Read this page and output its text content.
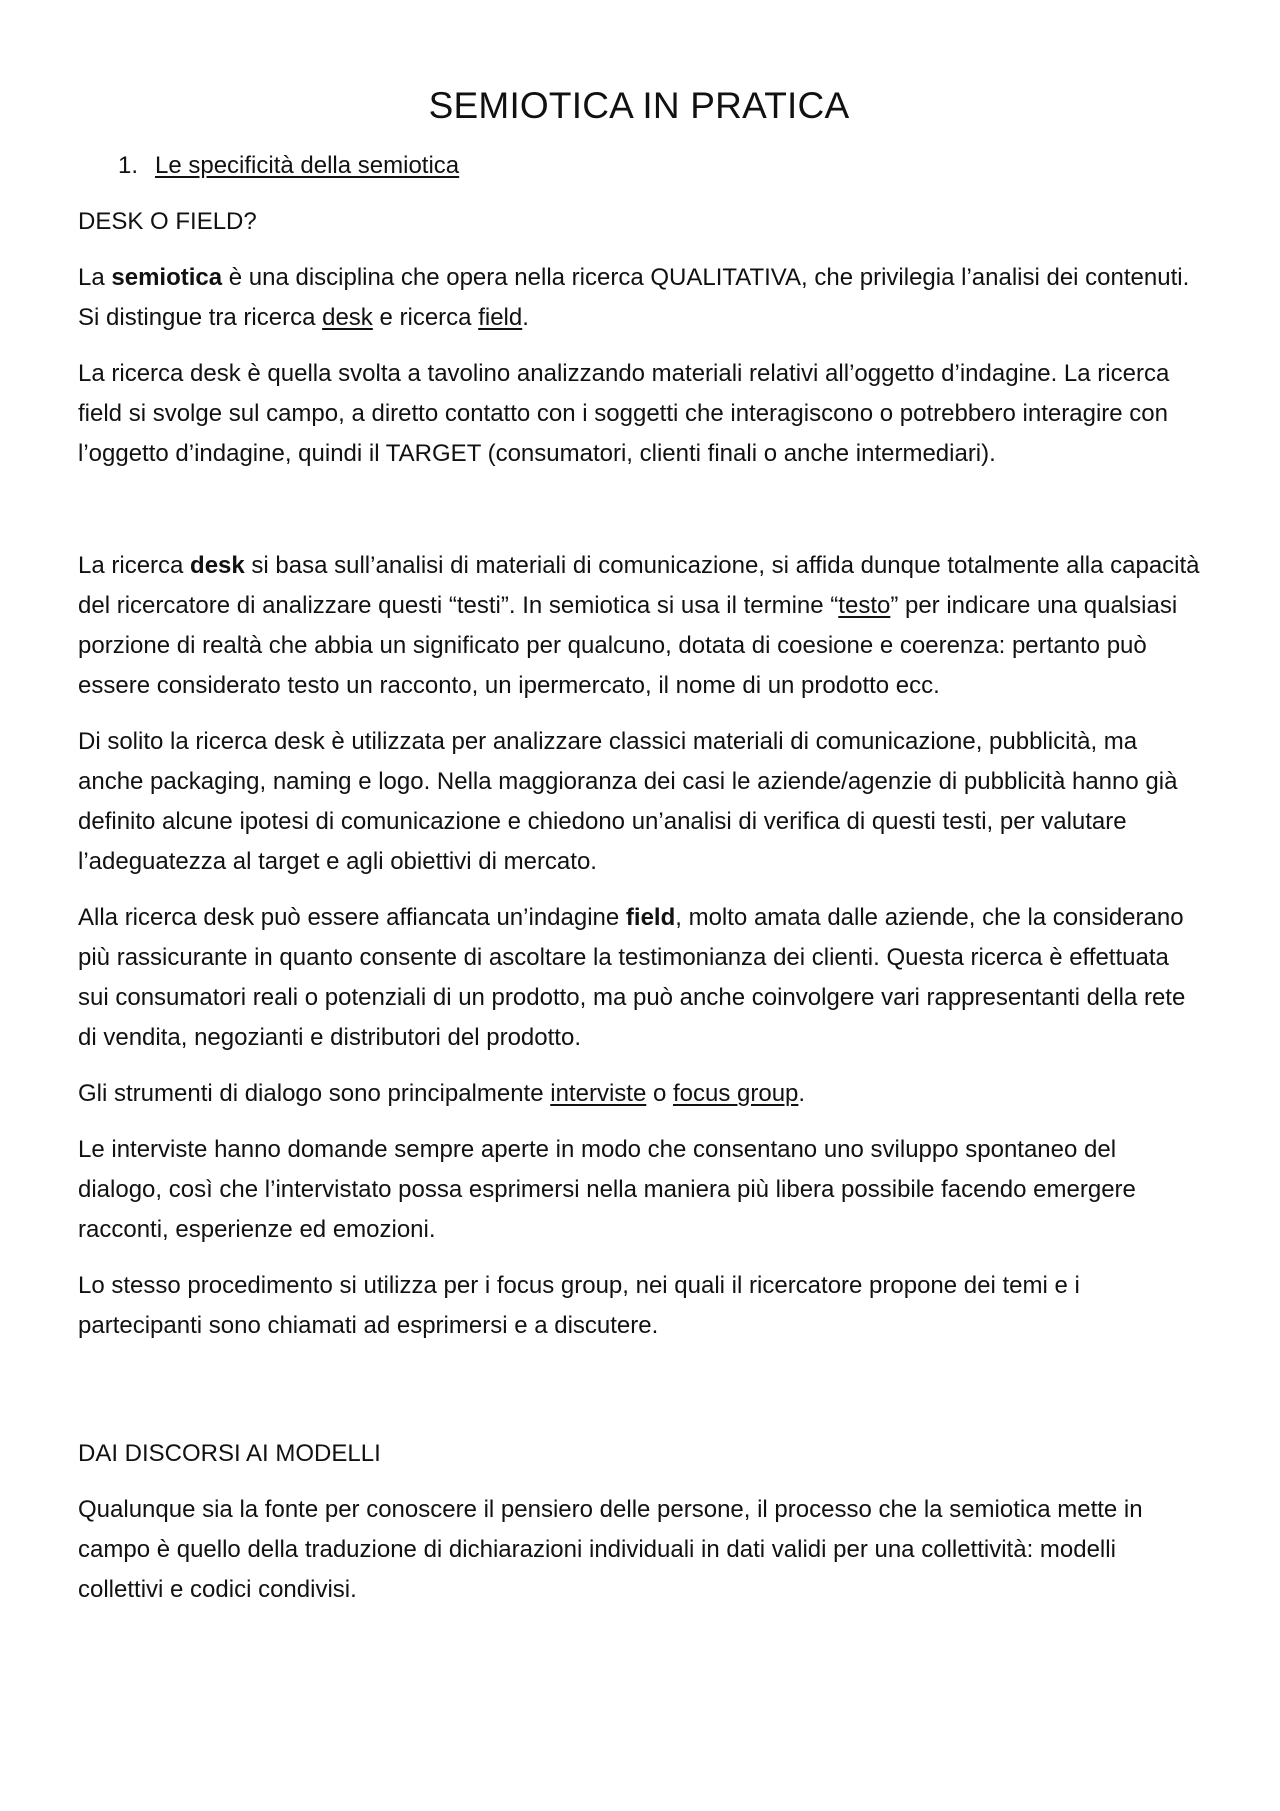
SEMIOTICA IN PRATICA
1. Le specificità della semiotica
DESK O FIELD?

La semiotica è una disciplina che opera nella ricerca QUALITATIVA, che privilegia l’analisi dei contenuti. Si distingue tra ricerca desk e ricerca field.

La ricerca desk è quella svolta a tavolino analizzando materiali relativi all’oggetto d’indagine. La ricerca field si svolge sul campo, a diretto contatto con i soggetti che interagiscono o potrebbero interagire con l’oggetto d’indagine, quindi il TARGET (consumatori, clienti finali o anche intermediari).

La ricerca desk si basa sull’analisi di materiali di comunicazione, si affida dunque totalmente alla capacità del ricercatore di analizzare questi “testi”. In semiotica si usa il termine “testo” per indicare una qualsiasi porzione di realtà che abbia un significato per qualcuno, dotata di coesione e coerenza: pertanto può essere considerato testo un racconto, un ipermercato, il nome di un prodotto ecc.

Di solito la ricerca desk è utilizzata per analizzare classici materiali di comunicazione, pubblicità, ma anche packaging, naming e logo. Nella maggioranza dei casi le aziende/agenzie di pubblicità hanno già definito alcune ipotesi di comunicazione e chiedono un’analisi di verifica di questi testi, per valutare l’adeguatezza al target e agli obiettivi di mercato.

Alla ricerca desk può essere affiancata un’indagine field, molto amata dalle aziende, che la considerano più rassicurante in quanto consente di ascoltare la testimonianza dei clienti. Questa ricerca è effettuata sui consumatori reali o potenziali di un prodotto, ma può anche coinvolgere vari rappresentanti della rete di vendita, negozianti e distributori del prodotto.

Gli strumenti di dialogo sono principalmente interviste o focus group.

Le interviste hanno domande sempre aperte in modo che consentano uno sviluppo spontaneo del dialogo, così che l’intervistato possa esprimersi nella maniera più libera possibile facendo emergere racconti, esperienze ed emozioni.

Lo stesso procedimento si utilizza per i focus group, nei quali il ricercatore propone dei temi e i partecipanti sono chiamati ad esprimersi e a discutere.

DAI DISCORSI AI MODELLI

Qualunque sia la fonte per conoscere il pensiero delle persone, il processo che la semiotica mette in campo è quello della traduzione di dichiarazioni individuali in dati validi per una collettività: modelli collettivi e codici condivisi.
